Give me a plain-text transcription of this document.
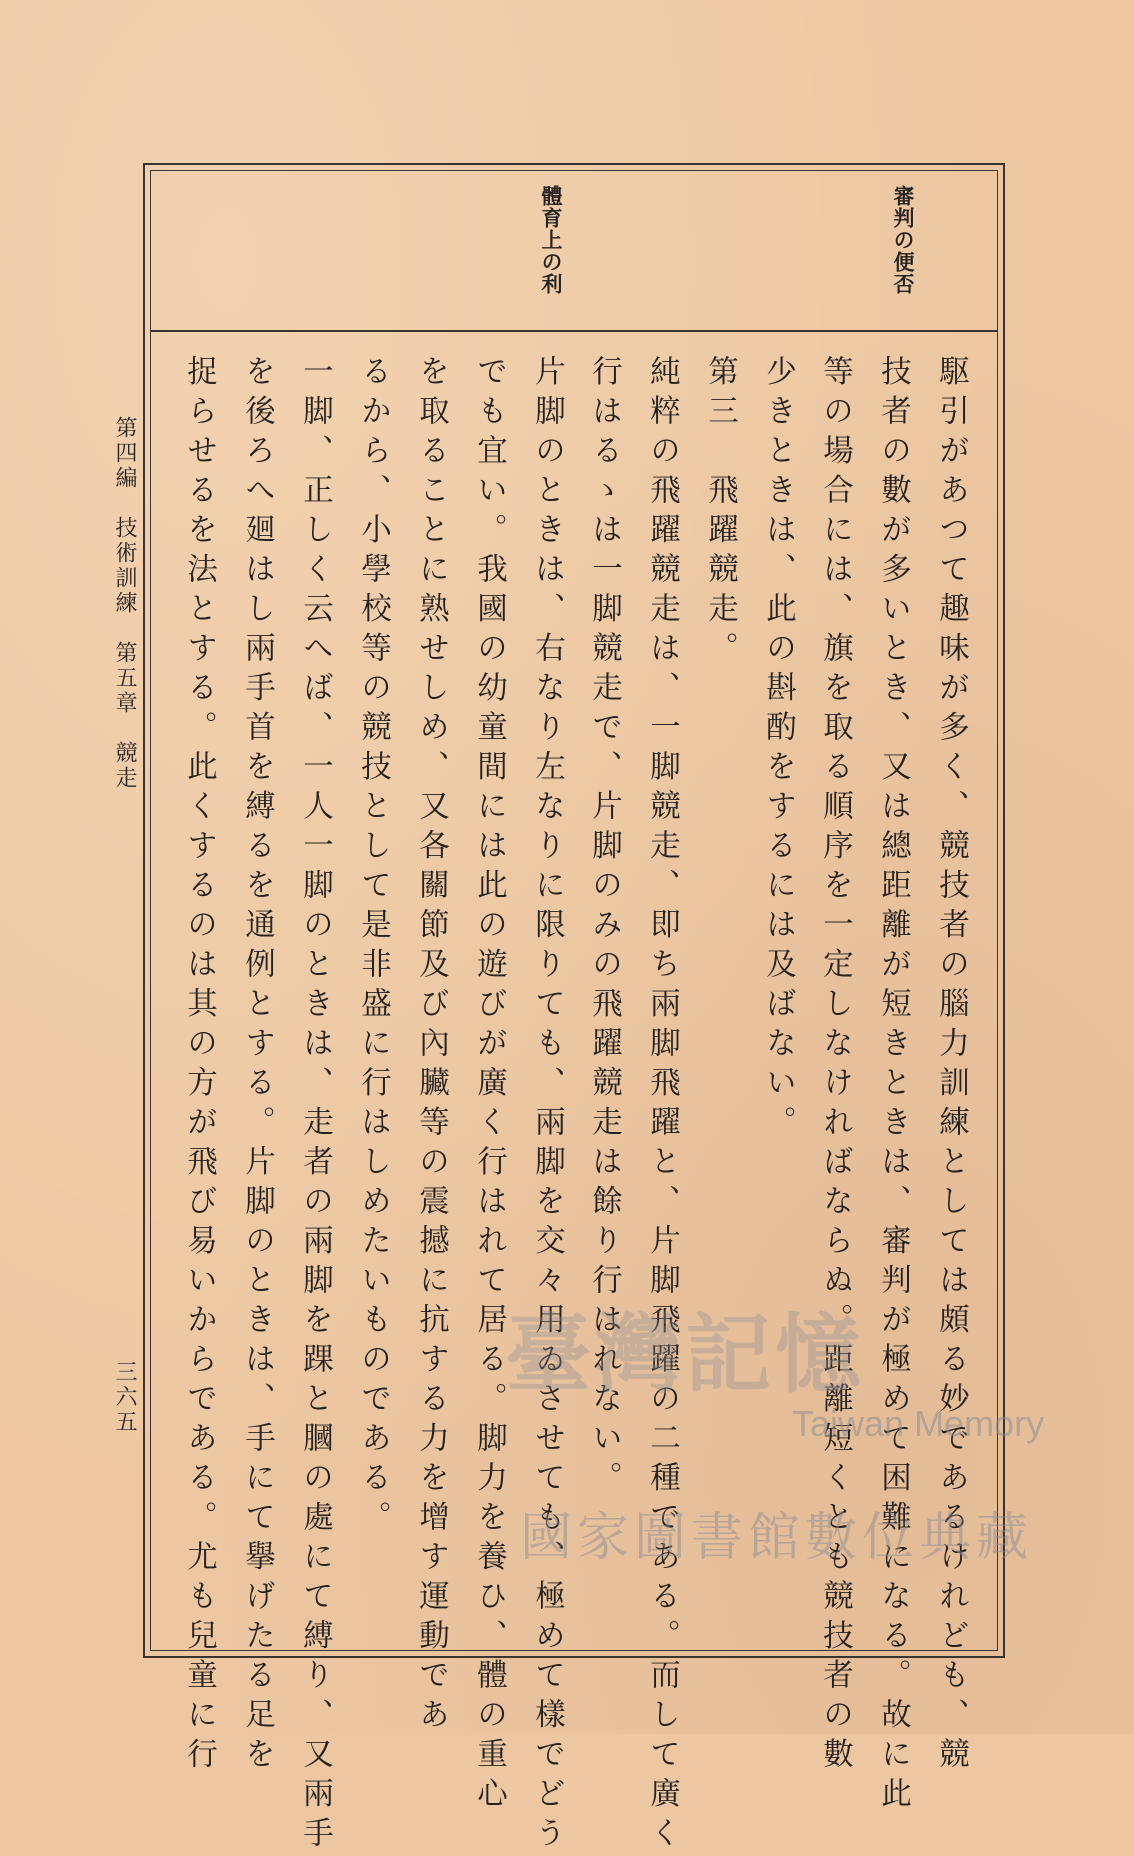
審判の便否
體育上の利
駆引があつて趣味が多く、競技者の腦力訓練としては頗る妙であるけれども、競
技者の數が多いとき、又は總距離が短きときは、審判が極めて困難になる。故に此
等の場合には、旗を取る順序を一定しなければならぬ。距離短くとも競技者の數
少きときは、此の斟酌をするには及ばない。
第三　飛躍競走。
純粹の飛躍競走は、一脚競走、即ち兩脚飛躍と、片脚飛躍の二種である。而して廣く
行はるゝは一脚競走で、片脚のみの飛躍競走は餘り行はれない。
片脚のときは、右なり左なりに限りても、兩脚を交々用ゐさせても、極めて樣でどう
でも宜い。我國の幼童間には此の遊びが廣く行はれて居る。脚力を養ひ、體の重心
を取ることに熟せしめ、又各關節及び內臟等の震撼に抗する力を增す運動であ
るから、小學校等の競技として是非盛に行はしめたいものである。
一脚、正しく云へば、一人一脚のときは、走者の兩脚を踝と膕の處にて縛り、又兩手
を後ろへ廻はし兩手首を縛るを通例とする。片脚のときは、手にて擧げたる足を
捉らせるを法とする。此くするのは其の方が飛び易いからである。尤も兒童に行
第四編　技術訓練　第五章　競走
三六五	臺灣記憶
Taiwan Memory
國家圖書館數位典藏
